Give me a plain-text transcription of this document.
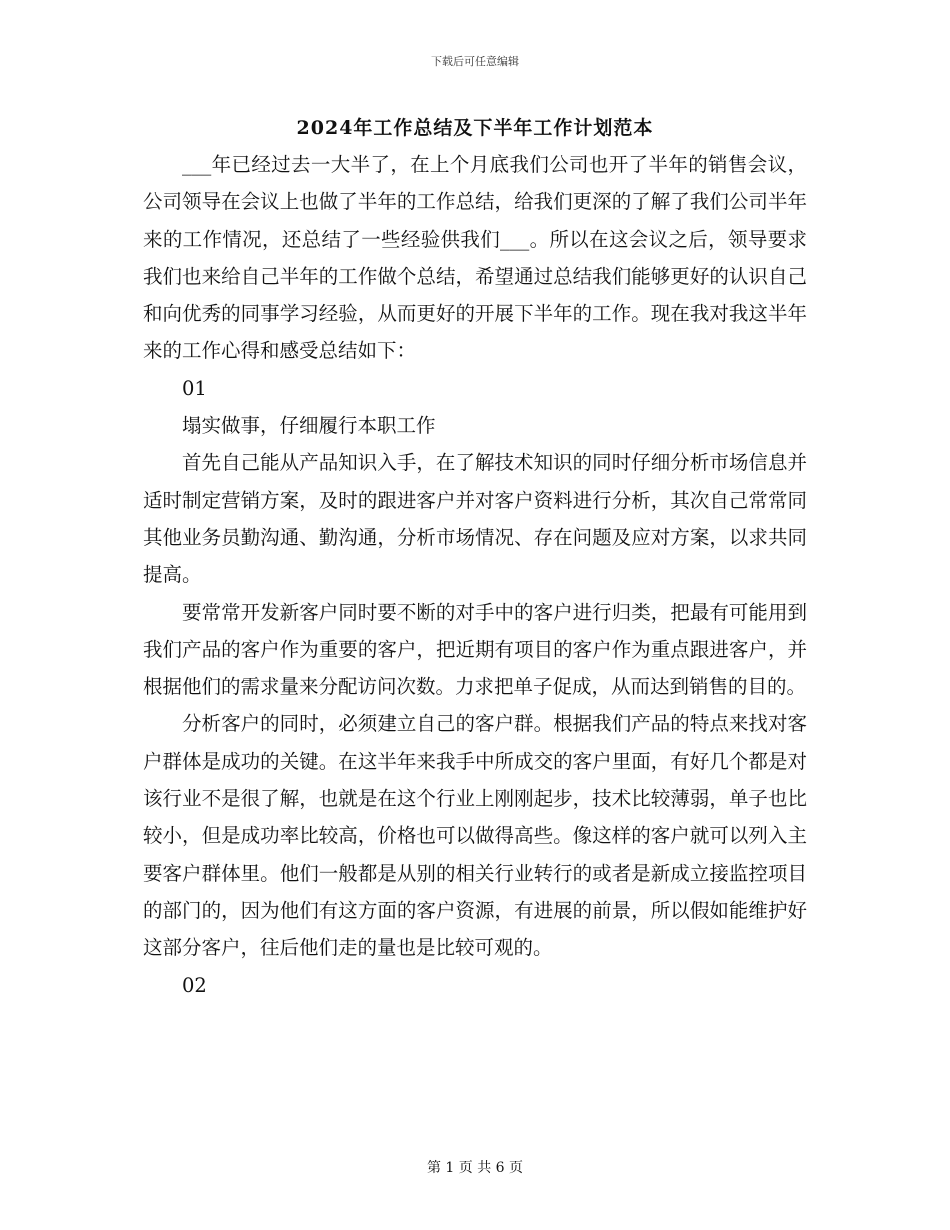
下载后可任意编辑
2024年工作总结及下半年工作计划范本

___年已经过去一大半了，在上个月底我们公司也开了半年的销售会议，公司领导在会议上也做了半年的工作总结，给我们更深的了解了我们公司半年来的工作情况，还总结了一些经验供我们___。所以在这会议之后，领导要求我们也来给自己半年的工作做个总结，希望通过总结我们能够更好的认识自己和向优秀的同事学习经验，从而更好的开展下半年的工作。现在我对我这半年来的工作心得和感受总结如下：

01

塌实做事，仔细履行本职工作

首先自己能从产品知识入手，在了解技术知识的同时仔细分析市场信息并适时制定营销方案，及时的跟进客户并对客户资料进行分析，其次自己常常同其他业务员勤沟通、勤沟通，分析市场情况、存在问题及应对方案，以求共同提高。

要常常开发新客户同时要不断的对手中的客户进行归类，把最有可能用到我们产品的客户作为重要的客户，把近期有项目的客户作为重点跟进客户，并根据他们的需求量来分配访问次数。力求把单子促成，从而达到销售的目的。

分析客户的同时，必须建立自己的客户群。根据我们产品的特点来找对客户群体是成功的关键。在这半年来我手中所成交的客户里面，有好几个都是对该行业不是很了解，也就是在这个行业上刚刚起步，技术比较薄弱，单子也比较小，但是成功率比较高，价格也可以做得高些。像这样的客户就可以列入主要客户群体里。他们一般都是从别的相关行业转行的或者是新成立接监控项目的部门的，因为他们有这方面的客户资源，有进展的前景，所以假如能维护好这部分客户，往后他们走的量也是比较可观的。

02

第 1 页 共 6 页
